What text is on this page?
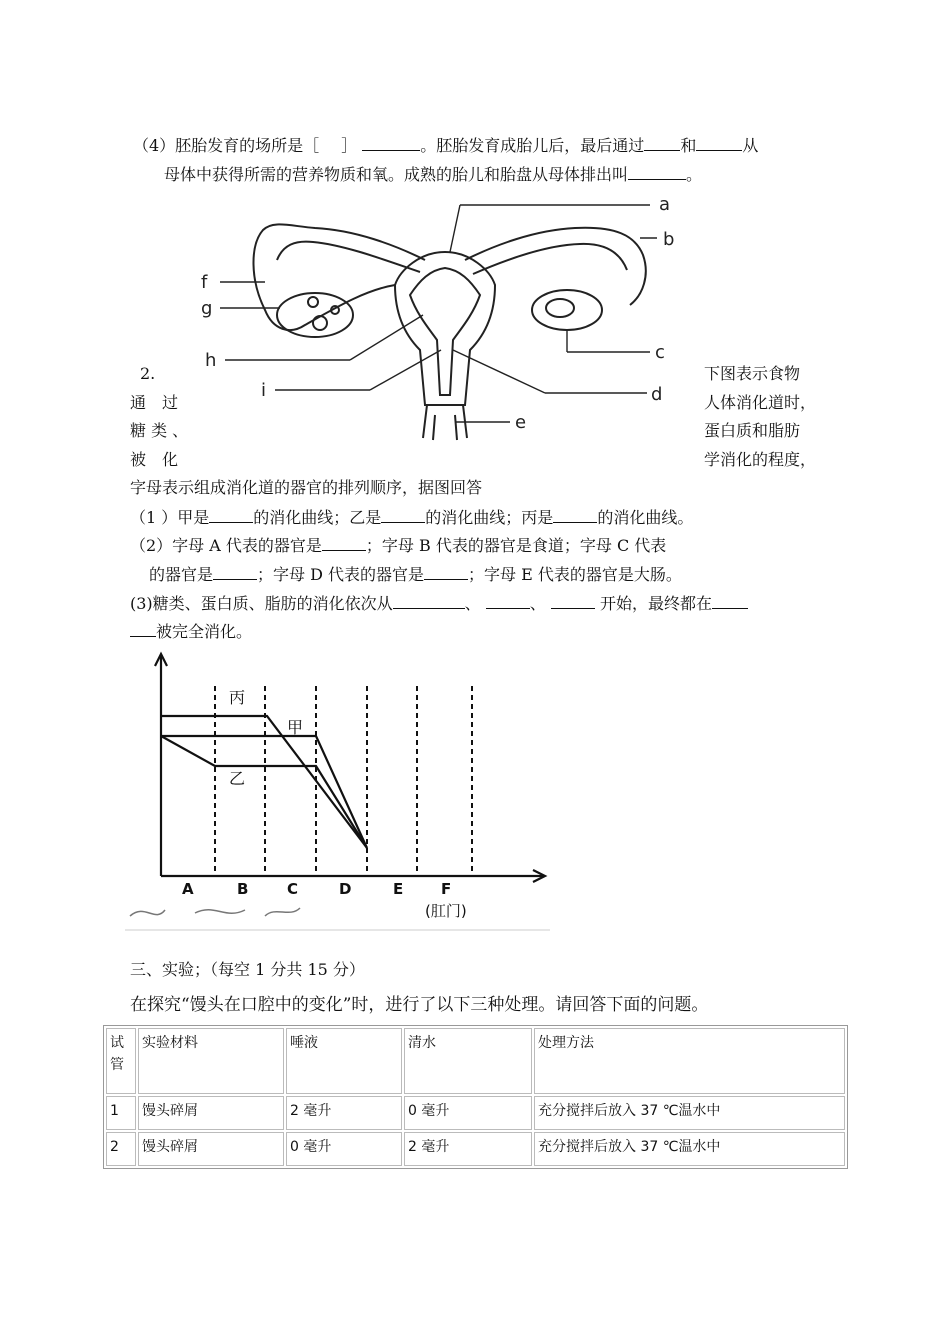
（4）胚胎发育的场所是［ ］	。胚胎发育成胎儿后，最后通过 和	从
母体中获得所需的营养物质和氧。成熟的胎儿和胎盘从母体排出叫	。
a
b
c
d
e
f
g
h
i
2.	下图表示食物
通　过	人体消化道时，
糖 类 、	蛋白质和脂肪
被　化	学消化的程度，
字母表示组成消化道的器官的排列顺序，据图回答
（1 ）甲是	的消化曲线；乙是	的消化曲线；丙是	的消化曲线。
（2）字母 A 代表的器官是	；字母 B 代表的器官是食道；字母 C 代表
的器官是	；字母 D 代表的器官是	；字母 E 代表的器官是大肠。
(3)糖类、蛋白质、脂肪的消化依次从	、	、	开始，最终都在
被完全消化。
丙
甲
乙
A	B	C	D	E	F
(肛门)
三、实验；（每空 1 分共 15 分）
在探究“馒头在口腔中的变化”时，进行了以下三种处理。请回答下面的问题。
试管	实验材料	唾液	清水	处理方法
1	馒头碎屑	2 毫升	0 毫升	充分搅拌后放入 37 ℃温水中
2	馒头碎屑	0 毫升	2 毫升	充分搅拌后放入 37 ℃温水中
